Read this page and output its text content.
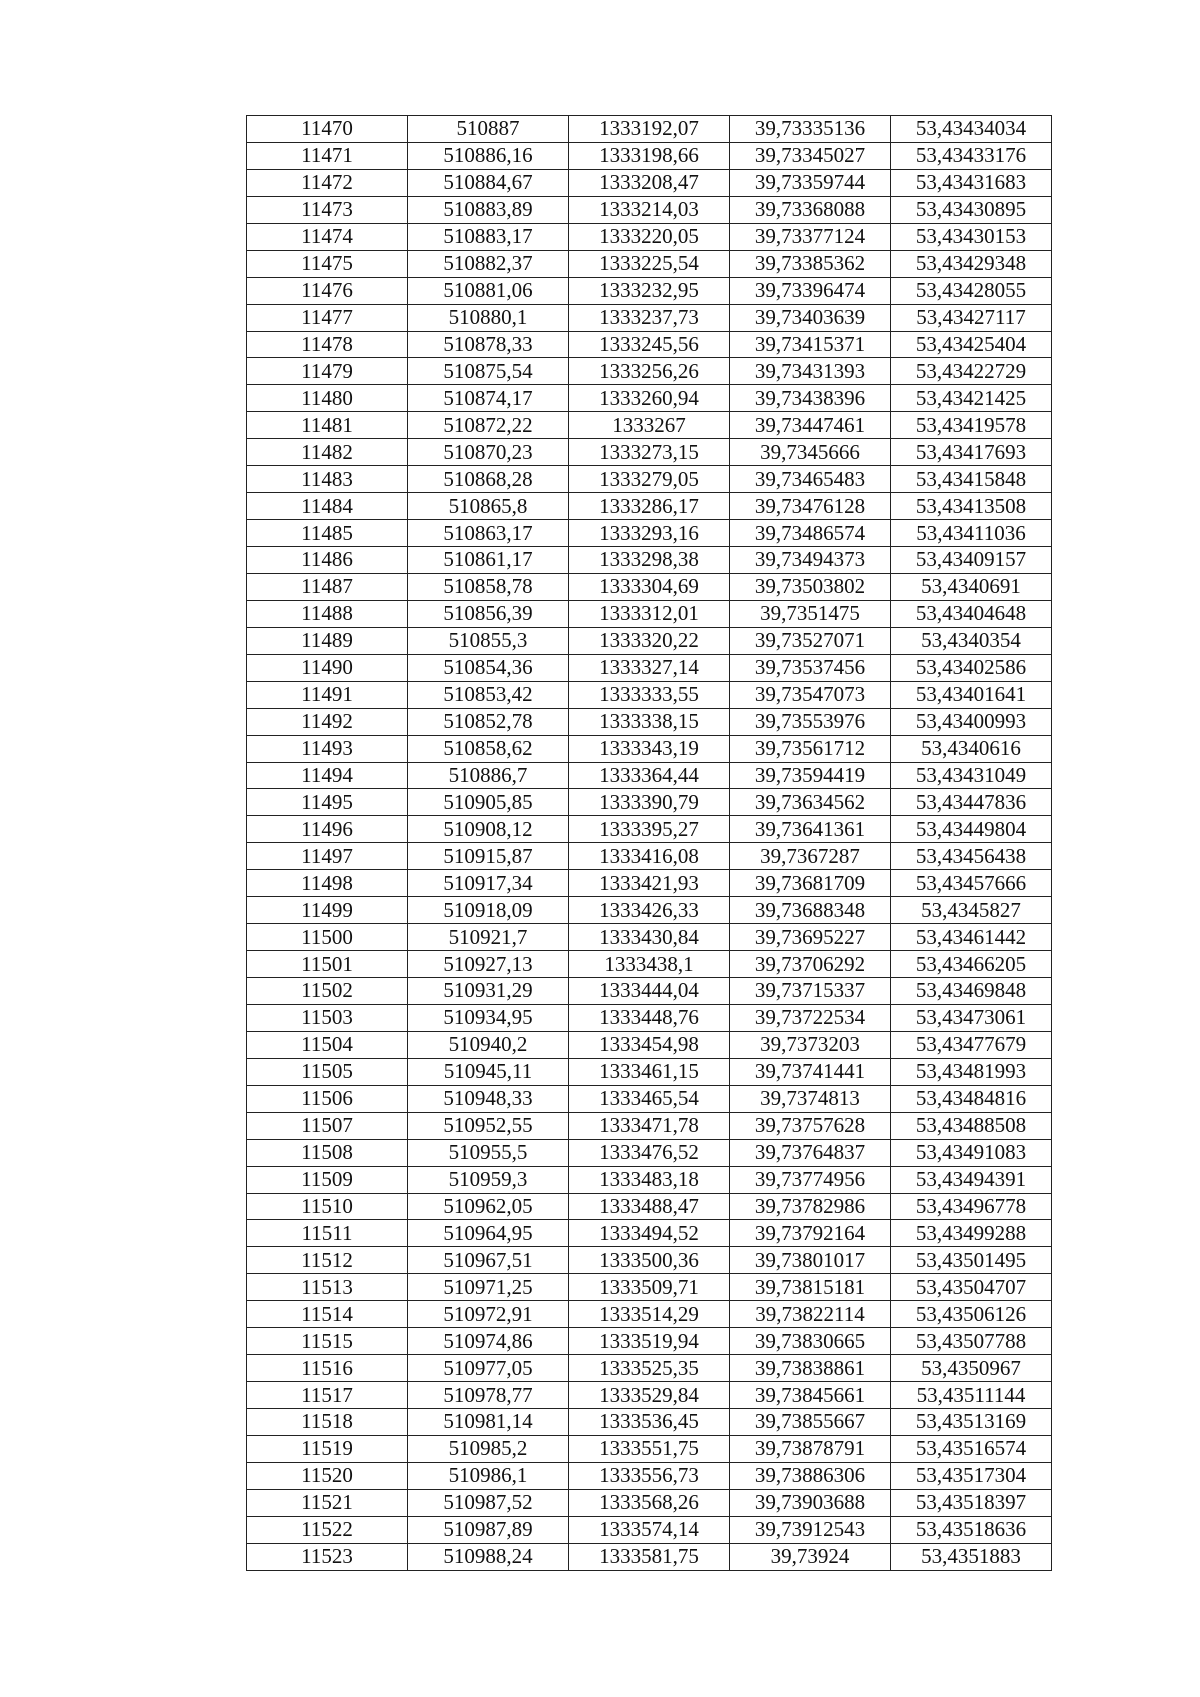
11470	510887	1333192,07	39,73335136	53,43434034
11471	510886,16	1333198,66	39,73345027	53,43433176
11472	510884,67	1333208,47	39,73359744	53,43431683
11473	510883,89	1333214,03	39,73368088	53,43430895
11474	510883,17	1333220,05	39,73377124	53,43430153
11475	510882,37	1333225,54	39,73385362	53,43429348
11476	510881,06	1333232,95	39,73396474	53,43428055
11477	510880,1	1333237,73	39,73403639	53,43427117
11478	510878,33	1333245,56	39,73415371	53,43425404
11479	510875,54	1333256,26	39,73431393	53,43422729
11480	510874,17	1333260,94	39,73438396	53,43421425
11481	510872,22	1333267	39,73447461	53,43419578
11482	510870,23	1333273,15	39,7345666	53,43417693
11483	510868,28	1333279,05	39,73465483	53,43415848
11484	510865,8	1333286,17	39,73476128	53,43413508
11485	510863,17	1333293,16	39,73486574	53,43411036
11486	510861,17	1333298,38	39,73494373	53,43409157
11487	510858,78	1333304,69	39,73503802	53,4340691
11488	510856,39	1333312,01	39,7351475	53,43404648
11489	510855,3	1333320,22	39,73527071	53,4340354
11490	510854,36	1333327,14	39,73537456	53,43402586
11491	510853,42	1333333,55	39,73547073	53,43401641
11492	510852,78	1333338,15	39,73553976	53,43400993
11493	510858,62	1333343,19	39,73561712	53,4340616
11494	510886,7	1333364,44	39,73594419	53,43431049
11495	510905,85	1333390,79	39,73634562	53,43447836
11496	510908,12	1333395,27	39,73641361	53,43449804
11497	510915,87	1333416,08	39,7367287	53,43456438
11498	510917,34	1333421,93	39,73681709	53,43457666
11499	510918,09	1333426,33	39,73688348	53,4345827
11500	510921,7	1333430,84	39,73695227	53,43461442
11501	510927,13	1333438,1	39,73706292	53,43466205
11502	510931,29	1333444,04	39,73715337	53,43469848
11503	510934,95	1333448,76	39,73722534	53,43473061
11504	510940,2	1333454,98	39,7373203	53,43477679
11505	510945,11	1333461,15	39,73741441	53,43481993
11506	510948,33	1333465,54	39,7374813	53,43484816
11507	510952,55	1333471,78	39,73757628	53,43488508
11508	510955,5	1333476,52	39,73764837	53,43491083
11509	510959,3	1333483,18	39,73774956	53,43494391
11510	510962,05	1333488,47	39,73782986	53,43496778
11511	510964,95	1333494,52	39,73792164	53,43499288
11512	510967,51	1333500,36	39,73801017	53,43501495
11513	510971,25	1333509,71	39,73815181	53,43504707
11514	510972,91	1333514,29	39,73822114	53,43506126
11515	510974,86	1333519,94	39,73830665	53,43507788
11516	510977,05	1333525,35	39,73838861	53,4350967
11517	510978,77	1333529,84	39,73845661	53,43511144
11518	510981,14	1333536,45	39,73855667	53,43513169
11519	510985,2	1333551,75	39,73878791	53,43516574
11520	510986,1	1333556,73	39,73886306	53,43517304
11521	510987,52	1333568,26	39,73903688	53,43518397
11522	510987,89	1333574,14	39,73912543	53,43518636
11523	510988,24	1333581,75	39,73924	53,4351883
